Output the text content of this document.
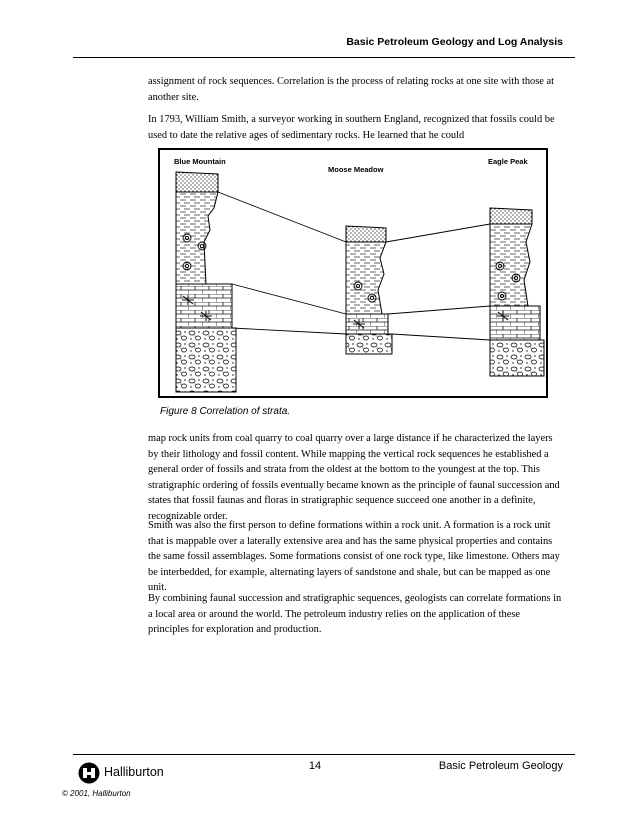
Basic Petroleum Geology and Log Analysis

assignment of rock sequences. Correlation is the process of relating rocks at one site with those at another site.

In 1793, William Smith, a surveyor working in southern England, recognized that fossils could be used to date the relative ages of sedimentary rocks. He learned that he could

Blue Mountain
Moose Meadow
Eagle Peak
Figure 8 Correlation of strata.

map rock units from coal quarry to coal quarry over a large distance if he characterized the layers by their lithology and fossil content. While mapping the vertical rock sequences he established a general order of fossils and strata from the oldest at the bottom to the youngest at the top. This stratigraphic ordering of fossils eventually became known as the principle of faunal succession and states that fossil faunas and floras in stratigraphic sequence succeed one another in a definite, recognizable order.

Smith was also the first person to define formations within a rock unit. A formation is a rock unit that is mappable over a laterally extensive area and has the same physical properties and contains the same fossil assemblages. Some formations consist of one rock type, like limestone. Others may be interbedded, for example, alternating layers of sandstone and shale, but can be mapped as one unit.

By combining faunal succession and stratigraphic sequences, geologists can correlate formations in a local area or around the world. The petroleum industry relies on the application of these principles for exploration and production.

Halliburton	14	Basic Petroleum Geology
© 2001, Halliburton
